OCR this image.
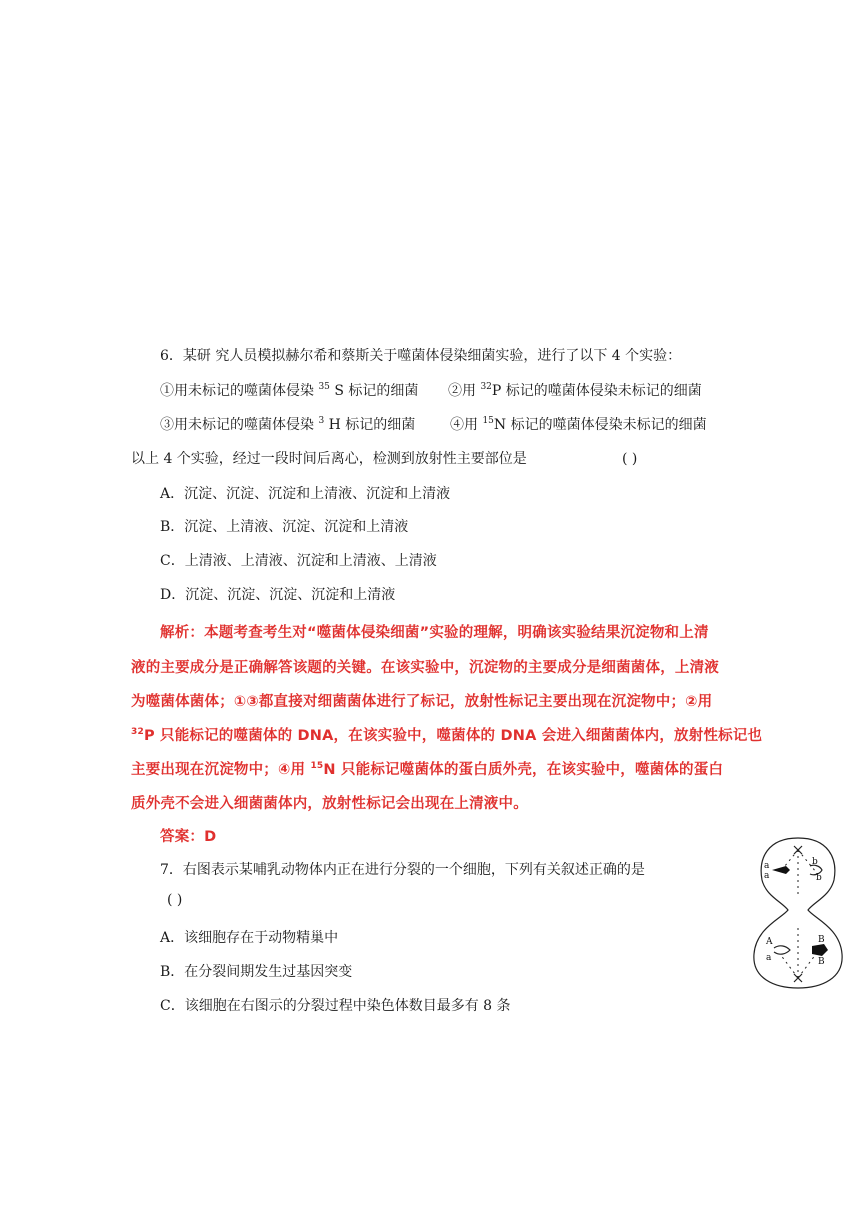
6．某研 究人员模拟赫尔希和蔡斯关于噬菌体侵染细菌实验，进行了以下 4 个实验：
①用未标记的噬菌体侵染 $^{35}$ S 标记的细菌 ②用 $^{32}$P 标记的噬菌体侵染未标记的细菌
③用未标记的噬菌体侵染 $^3$ H 标记的细菌 ④用 $^{15}$N 标记的噬菌体侵染未标记的细菌
以上 4 个实验，经过一段时间后离心，检测到放射性主要部位是	( )
A．沉淀、沉淀、沉淀和上清液、沉淀和上清液
B．沉淀、上清液、沉淀、沉淀和上清液
C．上清液、上清液、沉淀和上清液、上清液
D．沉淀、沉淀、沉淀、沉淀和上清液
解析：本题考查考生对“噬菌体侵染细菌”实验的理解，明确该实验结果沉淀物和上清
液的主要成分是正确解答该题的关键。在该实验中，沉淀物的主要成分是细菌菌体，上清液
为噬菌体菌体；①③都直接对细菌菌体进行了标记，放射性标记主要出现在沉淀物中；②用
$^{32}$P 只能标记的噬菌体的 DNA，在该实验中，噬菌体的 DNA 会进入细菌菌体内，放射性标记也
主要出现在沉淀物中；④用 $^{15}$N 只能标记噬菌体的蛋白质外壳，在该实验中，噬菌体的蛋白
质外壳不会进入细菌菌体内，放射性标记会出现在上清液中。
答案：D
7．右图表示某哺乳动物体内正在进行分裂的一个细胞，下列有关叙述正确的是
( )
A．该细胞存在于动物精巢中
B．在分裂间期发生过基因突变
C．该细胞在右图示的分裂过程中染色体数目最多有 8 条
a
a
b
b
A
a
B
B
